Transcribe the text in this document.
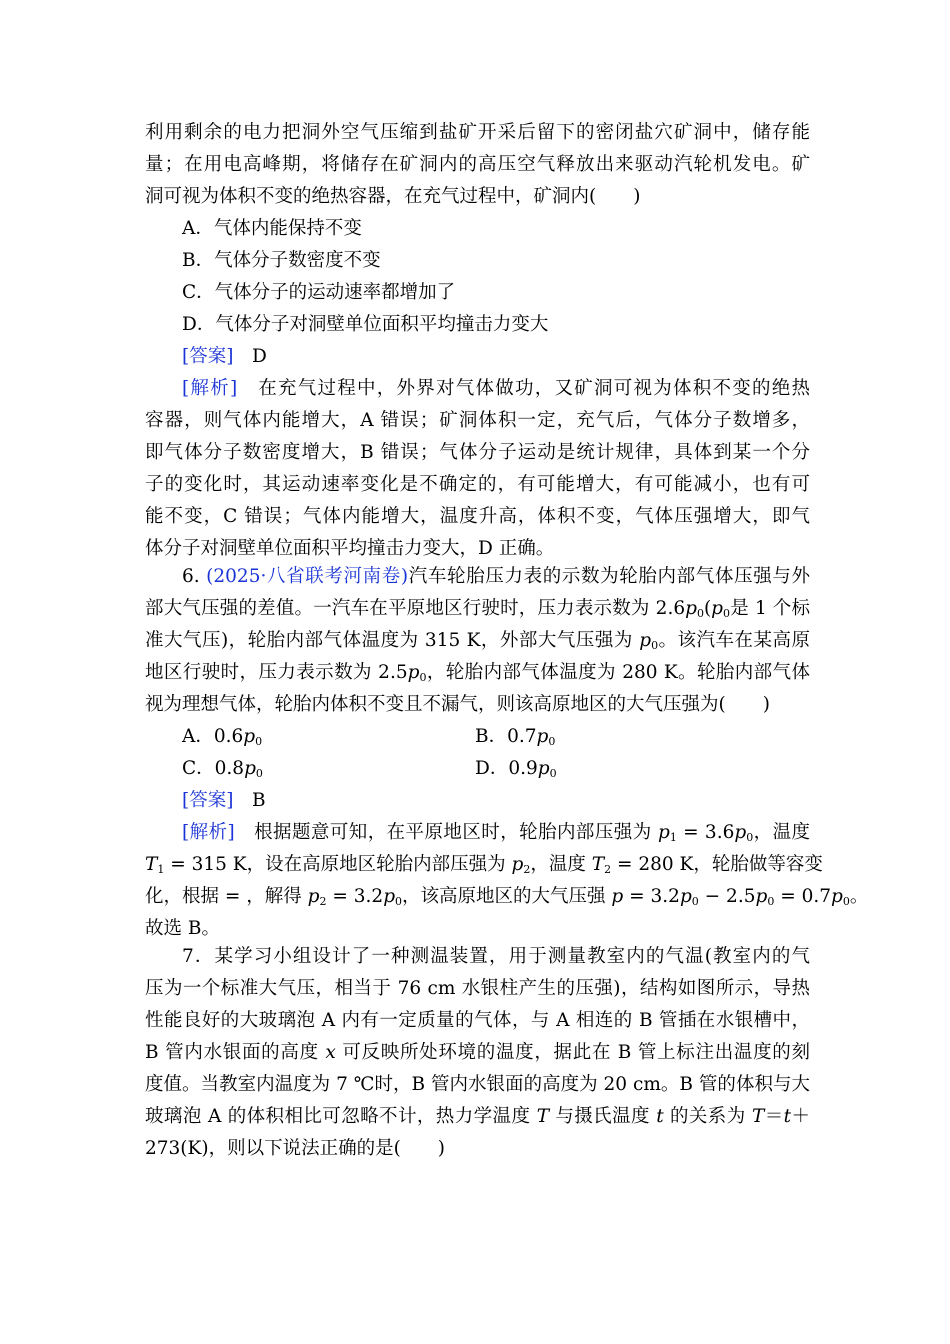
利用剩余的电力把洞外空气压缩到盐矿开采后留下的密闭盐穴矿洞中，储存能
量；在用电高峰期，将储存在矿洞内的高压空气释放出来驱动汽轮机发电。矿
洞可视为体积不变的绝热容器，在充气过程中，矿洞内(　　)
A．气体内能保持不变
B．气体分子数密度不变
C．气体分子的运动速率都增加了
D．气体分子对洞壁单位面积平均撞击力变大
[答案]　 D
[解析]　 在充气过程中，外界对气体做功，又矿洞可视为体积不变的绝热
容器，则气体内能增大，A 错误；矿洞体积一定，充气后，气体分子数增多，
即气体分子数密度增大，B 错误；气体分子运动是统计规律，具体到某一个分
子的变化时，其运动速率变化是不确定的，有可能增大，有可能减小，也有可
能不变，C 错误；气体内能增大，温度升高，体积不变，气体压强增大，即气
体分子对洞壁单位面积平均撞击力变大，D 正确。
6. (2025·八省联考河南卷)汽车轮胎压力表的示数为轮胎内部气体压强与外
部大气压强的差值。一汽车在平原地区行驶时，压力表示数为 $2.6p_0(p_0$是 1 个标
准大气压)，轮胎内部气体温度为 315 K，外部大气压强为 $p_0$。该汽车在某高原
地区行驶时，压力表示数为 $2.5p_0$，轮胎内部气体温度为 280 K。轮胎内部气体
视为理想气体，轮胎内体积不变且不漏气，则该高原地区的大气压强为(　　)
A．$0.6p_0$	B．$0.7p_0$
C．$0.8p_0$	D．$0.9p_0$
[答案]　 B
[解析]　 根据题意可知，在平原地区时，轮胎内部压强为 $p_1 = 3.6p_0$，温度
$T_1 = 315$ K，设在高原地区轮胎内部压强为 $p_2$，温度 $T_2 = 280$ K，轮胎做等容变
化，根据 = ，解得 $p_2 = 3.2p_0$，该高原地区的大气压强 $p = 3.2p_0 - 2.5p_0 = 0.7p_0$。
故选 B。
7．某学习小组设计了一种测温装置，用于测量教室内的气温(教室内的气
压为一个标准大气压，相当于 76 cm 水银柱产生的压强)，结构如图所示，导热
性能良好的大玻璃泡 A 内有一定质量的气体，与 A 相连的 B 管插在水银槽中，
B 管内水银面的高度 x 可反映所处环境的温度，据此在 B 管上标注出温度的刻
度值。当教室内温度为 7 ℃时，B 管内水银面的高度为 20 cm。B 管的体积与大
玻璃泡 A 的体积相比可忽略不计，热力学温度 T 与摄氏温度 t 的关系为 T＝t＋
273(K)，则以下说法正确的是(　　)
